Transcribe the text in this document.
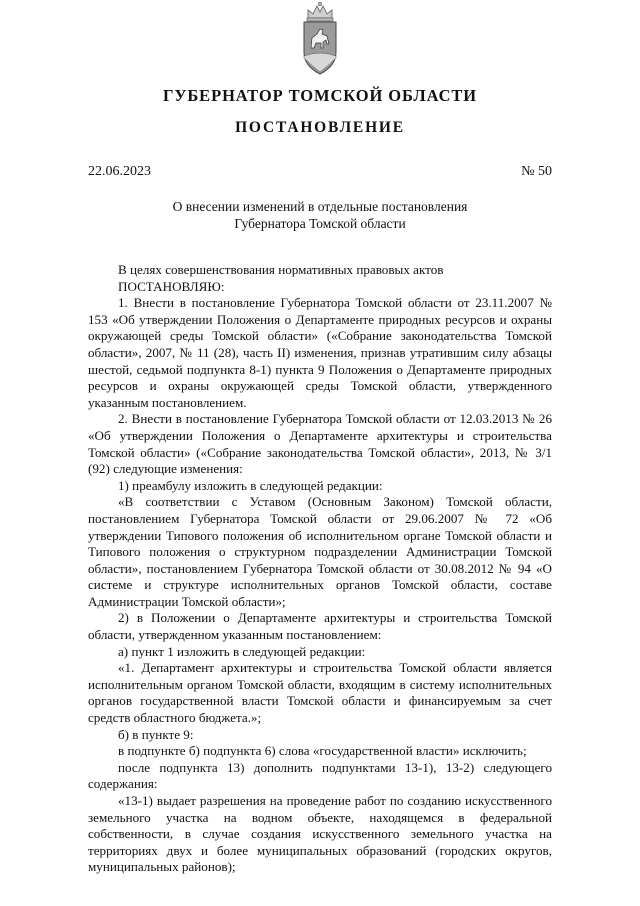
ГУБЕРНАТОР ТОМСКОЙ ОБЛАСТИ
ПОСТАНОВЛЕНИЕ
22.06.2023	№ 50
О внесении изменений в отдельные постановления
Губернатора Томской области

В целях совершенствования нормативных правовых актов

ПОСТАНОВЛЯЮ:

1. Внести в постановление Губернатора Томской области от 23.11.2007 № 153 «Об утверждении Положения о Департаменте природных ресурсов и охраны окружающей среды Томской области» («Собрание законодательства Томской области», 2007, № 11 (28), часть II) изменения, признав утратившим силу абзацы шестой, седьмой подпункта 8-1) пункта 9 Положения о Департаменте природных ресурсов и охраны окружающей среды Томской области, утвержденного указанным постановлением.

2. Внести в постановление Губернатора Томской области от 12.03.2013 № 26 «Об утверждении Положения о Департаменте архитектуры и строительства Томской области» («Собрание законодательства Томской области», 2013, № 3/1 (92) следующие изменения:

1) преамбулу изложить в следующей редакции:

«В соответствии с Уставом (Основным Законом) Томской области, постановлением Губернатора Томской области от 29.06.2007 № 72 «Об утверждении Типового положения об исполнительном органе Томской области и Типового положения о структурном подразделении Администрации Томской области», постановлением Губернатора Томской области от 30.08.2012 № 94 «О системе и структуре исполнительных органов Томской области, составе Администрации Томской области»;

2) в Положении о Департаменте архитектуры и строительства Томской области, утвержденном указанным постановлением:

а) пункт 1 изложить в следующей редакции:

«1. Департамент архитектуры и строительства Томской области является исполнительным органом Томской области, входящим в систему исполнительных органов государственной власти Томской области и финансируемым за счет средств областного бюджета.»;

б) в пункте 9:

в подпункте б) подпункта 6) слова «государственной власти» исключить;

после подпункта 13) дополнить подпунктами 13-1), 13-2) следующего содержания:

«13-1) выдает разрешения на проведение работ по созданию искусственного земельного участка на водном объекте, находящемся в федеральной собственности, в случае создания искусственного земельного участка на территориях двух и более муниципальных образований (городских округов, муниципальных районов);
